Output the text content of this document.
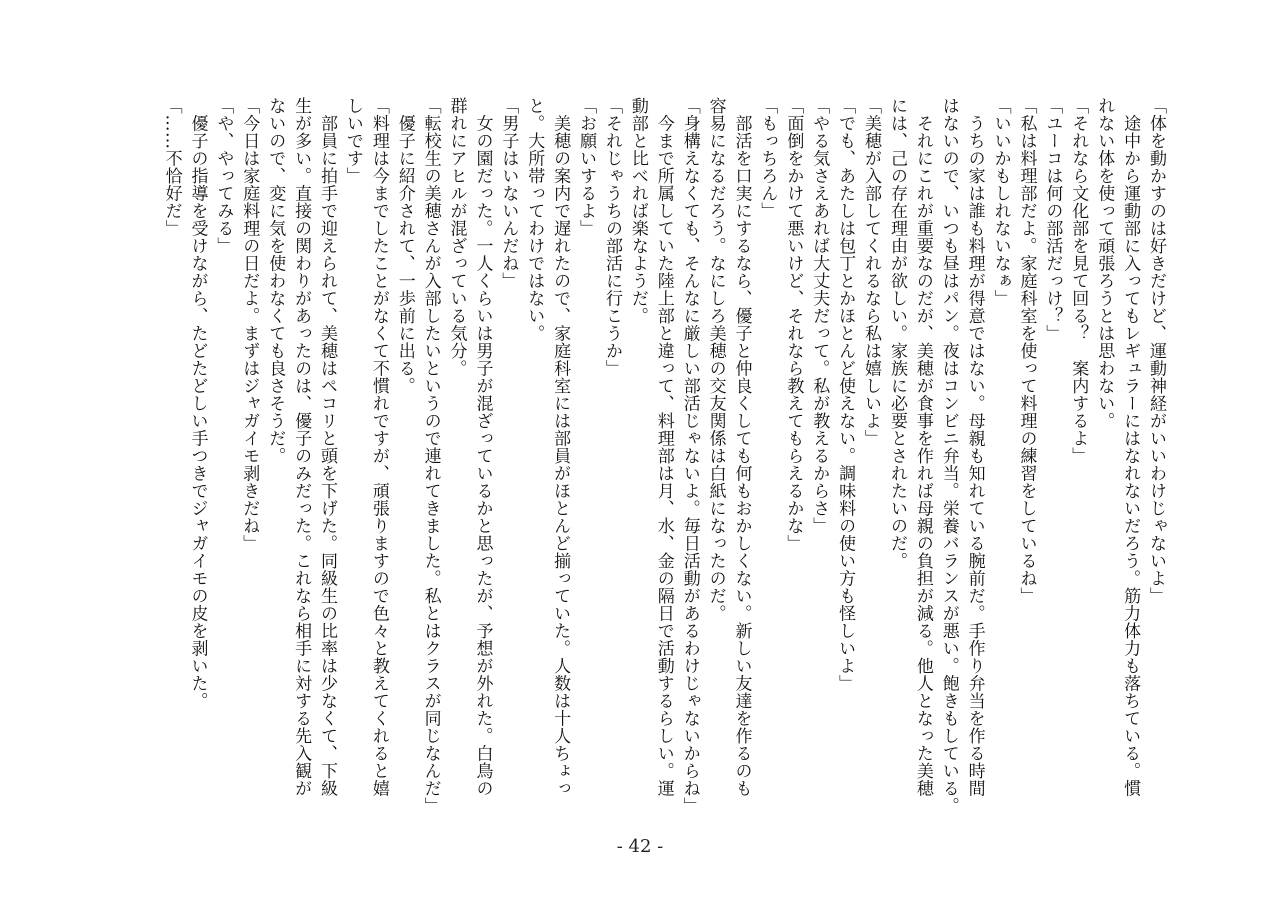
「体を動かすのは好きだけど、運動神経がいいわけじゃないよ」

　途中から運動部に入ってもレギュラーにはなれないだろう。筋力体力も落ちている。慣

れない体を使って頑張ろうとは思わない。

「それなら文化部を見て回る？　案内するよ」

「ユーコは何の部活だっけ？」

「私は料理部だよ。家庭科室を使って料理の練習をしているね」

「いいかもしれないなぁ」

　うちの家は誰も料理が得意ではない。母親も知れている腕前だ。手作り弁当を作る時間

はないので、いつも昼はパン。夜はコンビニ弁当。栄養バランスが悪い。飽きもしている。

　それにこれが重要なのだが、美穂が食事を作れば母親の負担が減る。他人となった美穂

には、己の存在理由が欲しい。家族に必要とされたいのだ。

「美穂が入部してくれるなら私は嬉しいよ」

「でも、あたしは包丁とかほとんど使えない。調味料の使い方も怪しいよ」

「やる気さえあれば大丈夫だって。私が教えるからさ」

「面倒をかけて悪いけど、それなら教えてもらえるかな」

「もっちろん」

　部活を口実にするなら、優子と仲良くしても何もおかしくない。新しい友達を作るのも

容易になるだろう。なにしろ美穂の交友関係は白紙になったのだ。

「身構えなくても、そんなに厳しい部活じゃないよ。毎日活動があるわけじゃないからね」

　今まで所属していた陸上部と違って、料理部は月、水、金の隔日で活動するらしい。運

動部と比べれば楽なようだ。

「それじゃうちの部活に行こうか」

「お願いするよ」

　美穂の案内で遅れたので、家庭科室には部員がほとんど揃っていた。人数は十人ちょっ

と。大所帯ってわけではない。

「男子はいないんだね」

　女の園だった。一人くらいは男子が混ざっているかと思ったが、予想が外れた。白鳥の

群れにアヒルが混ざっている気分。

「転校生の美穂さんが入部したいというので連れてきました。私とはクラスが同じなんだ」

　優子に紹介されて、一歩前に出る。

「料理は今までしたことがなくて不慣れですが、頑張りますので色々と教えてくれると嬉

しいです」

　部員に拍手で迎えられて、美穂はペコリと頭を下げた。同級生の比率は少なくて、下級

生が多い。直接の関わりがあったのは、優子のみだった。これなら相手に対する先入観が

ないので、変に気を使わなくても良さそうだ。

「今日は家庭料理の日だよ。まずはジャガイモ剥きだね」

「や、やってみる」

　優子の指導を受けながら、たどたどしい手つきでジャガイモの皮を剥いた。

「……不恰好だ」

- 42 -
